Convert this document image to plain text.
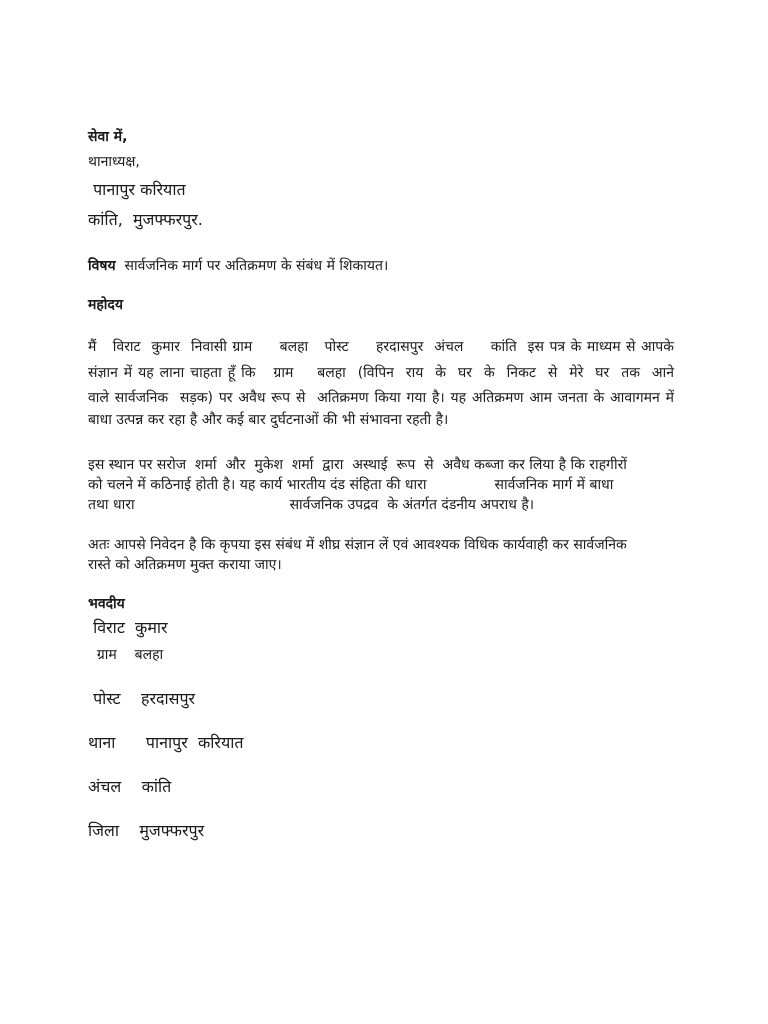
सेवा में,
थानाध्यक्ष,
पानापुर करियात
कांति,  मुजफ्फरपुर.
विषय सार्वजनिक मार्ग पर अतिक्रमण के संबंध में शिकायत।
महोदय
मैं   विराट  कुमार  निवासी ग्राम     बलहा   पोस्ट     हरदासपुर  अंचल     कांति  इस पत्र के माध्यम से आपके
संज्ञान में यह लाना चाहता हूँ कि   ग्राम    बलहा  (विपिन  राय  के  घर  के  निकट  से  मेरे  घर  तक  आने
वाले सार्वजनिक  सड़क) पर अवैध रूप से  अतिक्रमण किया गया है। यह अतिक्रमण आम जनता के आवागमन में
बाधा उत्पन्न कर रहा है और कई बार दुर्घटनाओं की भी संभावना रहती है।
इस स्थान पर सरोज  शर्मा  और  मुकेश  शर्मा  द्वारा  अस्थाई  रूप  से  अवैध कब्जा कर लिया है कि राहगीरों
को चलने में कठिनाई होती है। यह कार्य भारतीय दंड संहिता की धारा	सार्वजनिक मार्ग में बाधा
तथा धारा	सार्वजनिक उपद्रव  के अंतर्गत दंडनीय अपराध है।
अतः आपसे निवेदन है कि कृपया इस संबंध में शीघ्र संज्ञान लें एवं आवश्यक विधिक कार्यवाही कर सार्वजनिक
रास्ते को अतिक्रमण मुक्त कराया जाए।
भवदीय
विराट  कुमार
ग्राम    बलहा
पोस्ट    हरदासपुर
थाना      पानापुर  करियात
अंचल    कांति
जिला    मुजफ्फरपुर
